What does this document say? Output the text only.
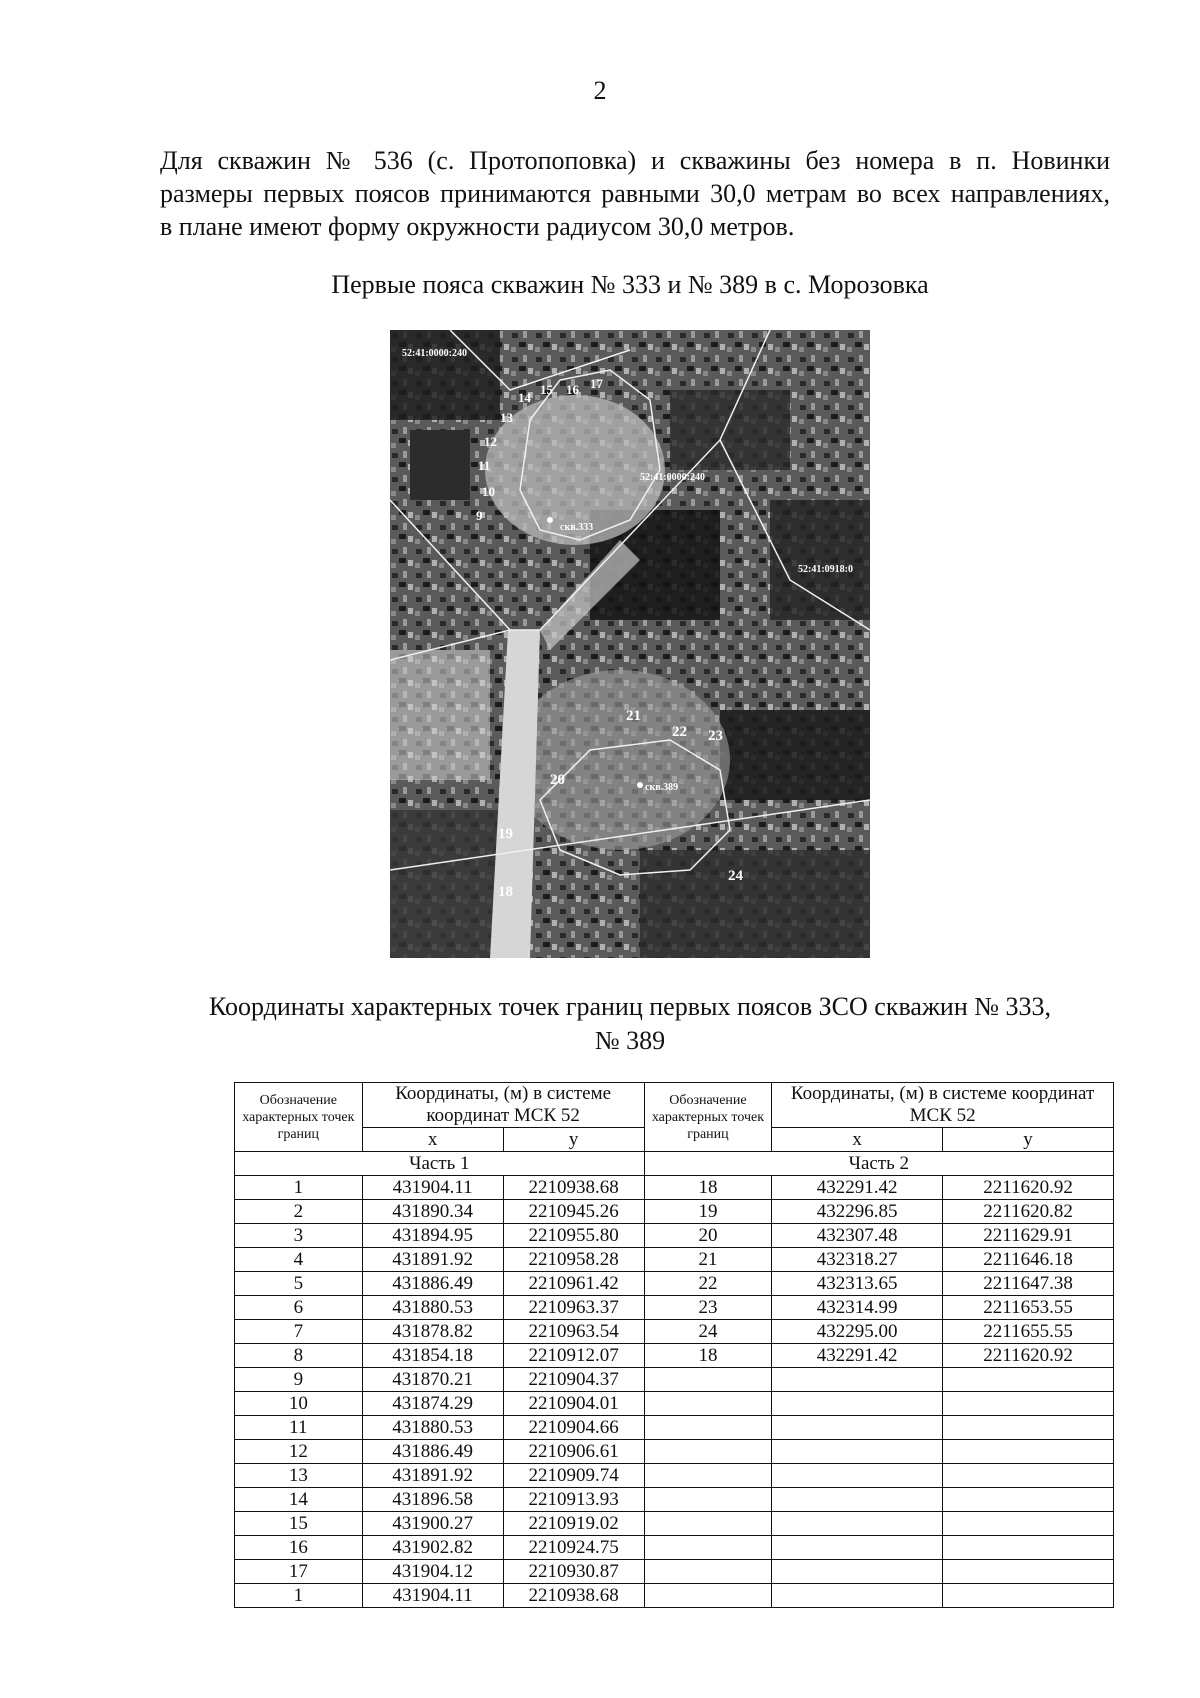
2
Для скважин № 536 (с. Протопоповка) и скважины без номера в п. Новинки
размеры первых поясов принимаются равными 30,0 метрам во всех направлениях,
в плане имеют форму окружности радиусом 30,0 метров.
Первые пояса скважин № 333 и № 389 в с. Морозовка
52:41:0000:240
52:41:0000:240
52:41:0918:0
скв.333
скв.389
9
10
11
12
13
14
15 16 17
18
19
20
21
22 23
24
Координаты характерных точек границ первых поясов ЗСО скважин № 333,
№ 389
Обозначение характерных точек границ	Координаты, (м) в системе координат МСК 52		Обозначение характерных точек границ	Координаты, (м) в системе координат МСК 52	
	x	y		x	y
Часть 1			Часть 2		
1	431904.11	2210938.68	18	432291.42	2211620.92
2	431890.34	2210945.26	19	432296.85	2211620.82
3	431894.95	2210955.80	20	432307.48	2211629.91
4	431891.92	2210958.28	21	432318.27	2211646.18
5	431886.49	2210961.42	22	432313.65	2211647.38
6	431880.53	2210963.37	23	432314.99	2211653.55
7	431878.82	2210963.54	24	432295.00	2211655.55
8	431854.18	2210912.07	18	432291.42	2211620.92
9	431870.21	2210904.37			
10	431874.29	2210904.01			
11	431880.53	2210904.66			
12	431886.49	2210906.61			
13	431891.92	2210909.74			
14	431896.58	2210913.93			
15	431900.27	2210919.02			
16	431902.82	2210924.75			
17	431904.12	2210930.87			
1	431904.11	2210938.68			
